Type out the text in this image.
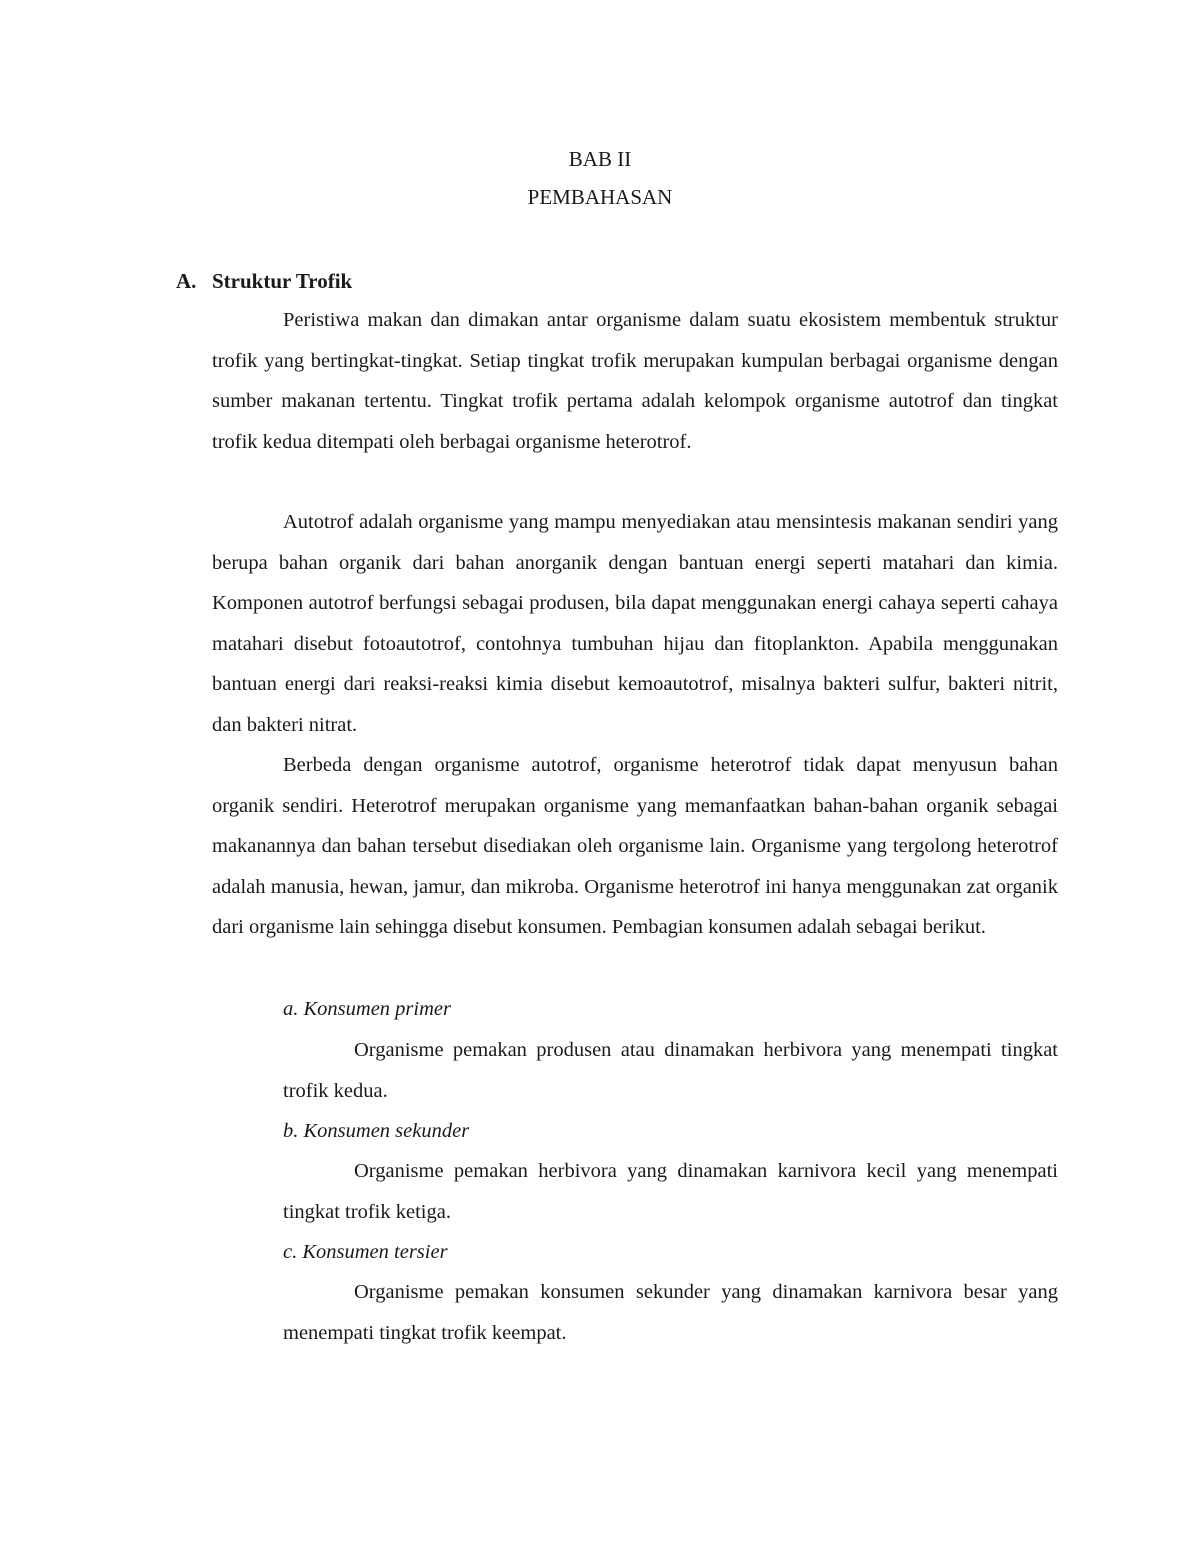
BAB II
PEMBAHASAN
A. Struktur Trofik

Peristiwa makan dan dimakan antar organisme dalam suatu ekosistem membentuk struktur trofik yang bertingkat-tingkat. Setiap tingkat trofik merupakan kumpulan berbagai organisme dengan sumber makanan tertentu. Tingkat trofik pertama adalah kelompok organisme autotrof dan tingkat trofik kedua ditempati oleh berbagai organisme heterotrof.

Autotrof adalah organisme yang mampu menyediakan atau mensintesis makanan sendiri yang berupa bahan organik dari bahan anorganik dengan bantuan energi seperti matahari dan kimia. Komponen autotrof berfungsi sebagai produsen, bila dapat menggunakan energi cahaya seperti cahaya matahari disebut fotoautotrof, contohnya tumbuhan hijau dan fitoplankton. Apabila menggunakan bantuan energi dari reaksi-reaksi kimia disebut kemoautotrof, misalnya bakteri sulfur, bakteri nitrit, dan bakteri nitrat.

Berbeda dengan organisme autotrof, organisme heterotrof tidak dapat menyusun bahan organik sendiri. Heterotrof merupakan organisme yang memanfaatkan bahan-bahan organik sebagai makanannya dan bahan tersebut disediakan oleh organisme lain. Organisme yang tergolong heterotrof adalah manusia, hewan, jamur, dan mikroba. Organisme heterotrof ini hanya menggunakan zat organik dari organisme lain sehingga disebut konsumen. Pembagian konsumen adalah sebagai berikut.

a. Konsumen primer

Organisme pemakan produsen atau dinamakan herbivora yang menempati tingkat trofik kedua.

b. Konsumen sekunder

Organisme pemakan herbivora yang dinamakan karnivora kecil yang menempati tingkat trofik ketiga.

c. Konsumen tersier

Organisme pemakan konsumen sekunder yang dinamakan karnivora besar yang menempati tingkat trofik keempat.
